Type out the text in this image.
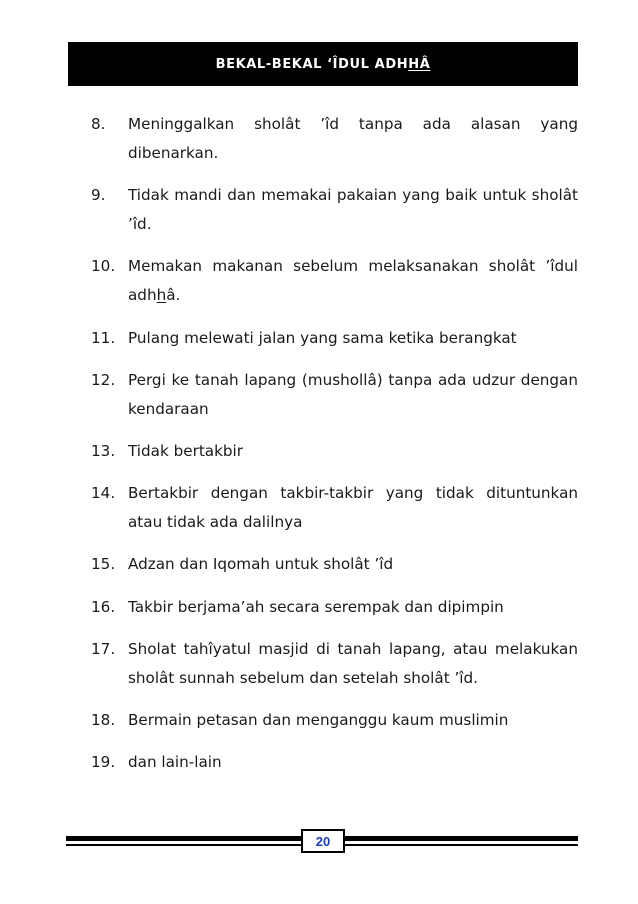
BEKAL-BEKAL ‘ÎDUL ADHHÂ
8.	Meninggalkan sholât ’îd tanpa ada alasan yang dibenarkan.
9.	Tidak mandi dan memakai pakaian yang baik untuk sholât ’îd.
10. Memakan makanan sebelum melaksanakan sholât ’îdul adhhâ.
11. Pulang melewati jalan yang sama ketika berangkat
12. Pergi ke tanah lapang (mushollâ) tanpa ada udzur dengan kendaraan
13. Tidak bertakbir
14. Bertakbir dengan takbir-takbir yang tidak dituntunkan atau tidak ada dalilnya
15. Adzan dan Iqomah untuk sholât ’îd
16. Takbir berjama’ah secara serempak dan dipimpin
17. Sholat tahîyatul masjid di tanah lapang, atau melakukan sholât sunnah sebelum dan setelah sholât ’îd.
18. Bermain petasan dan menganggu kaum muslimin
19. dan lain-lain
20
